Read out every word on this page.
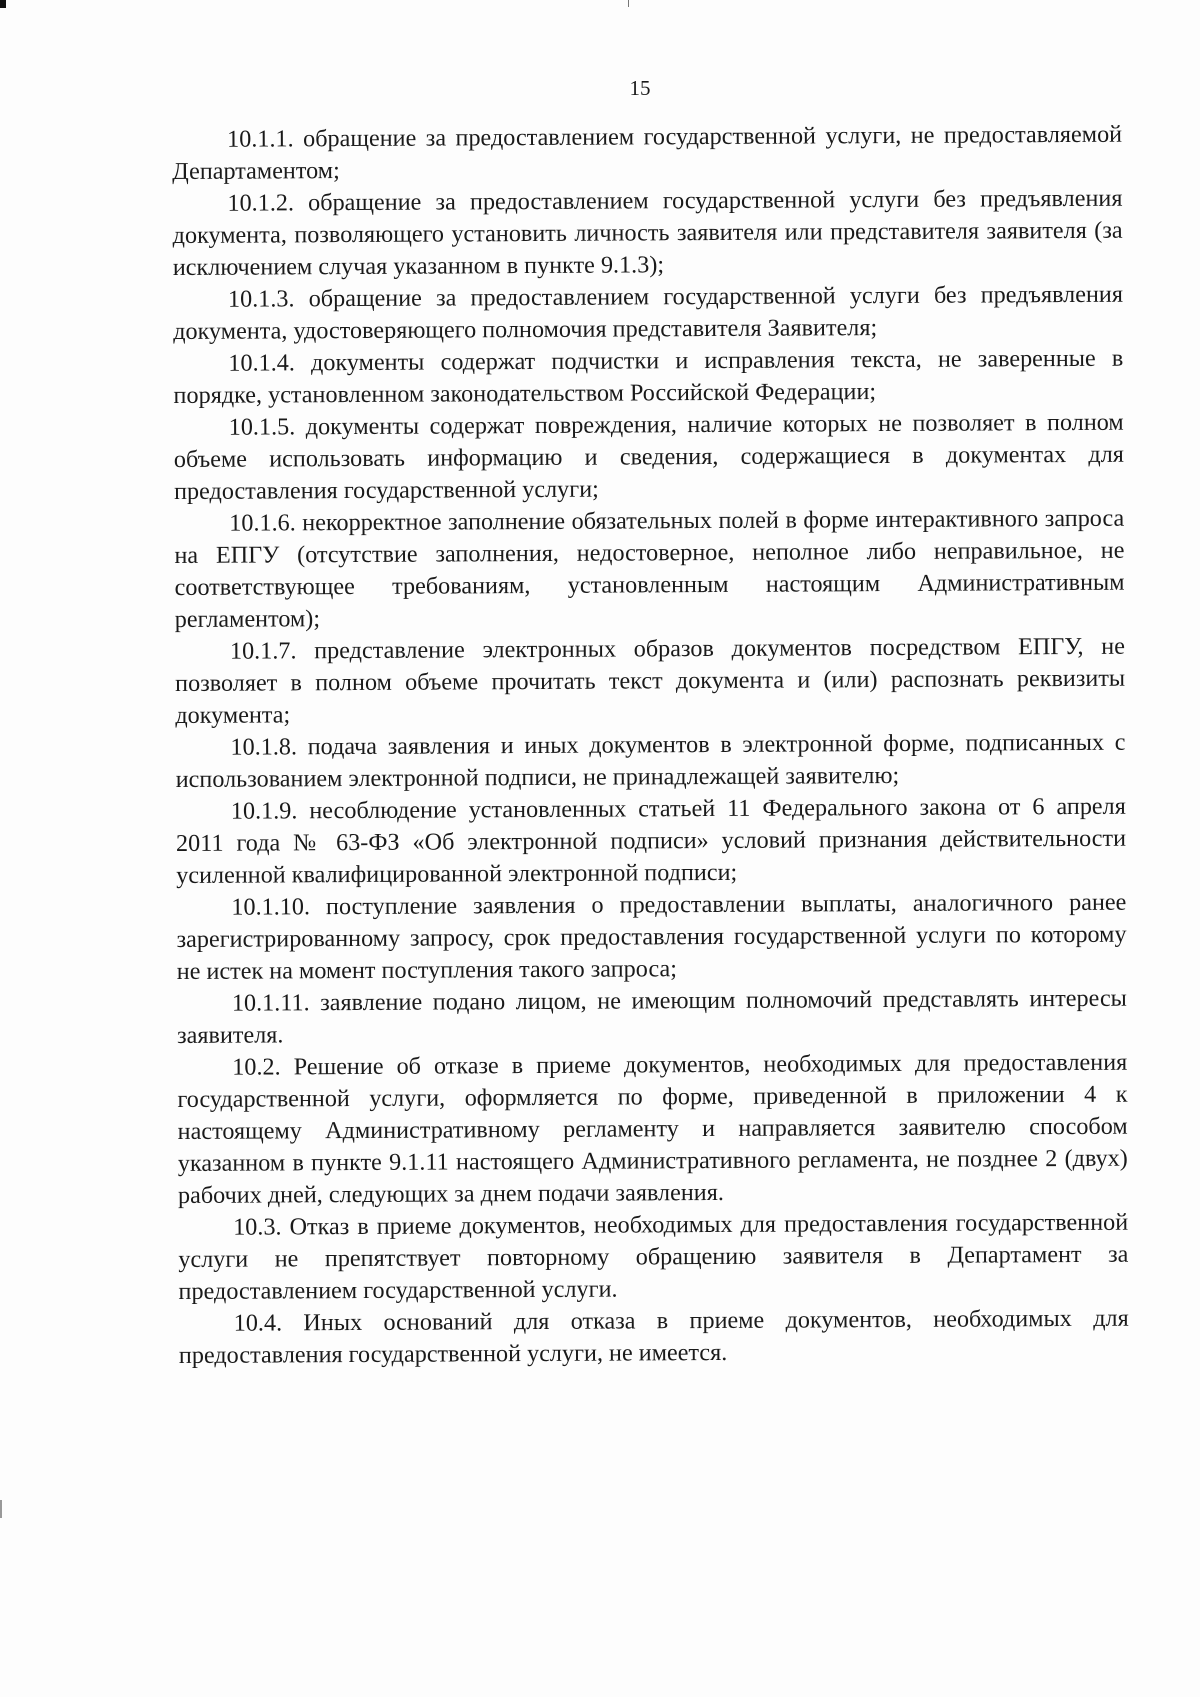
15

10.1.1. обращение за предоставлением государственной услуги, не предоставляемой Департаментом;

10.1.2. обращение за предоставлением государственной услуги без предъявления документа, позволяющего установить личность заявителя или представителя заявителя (за исключением случая указанном в пункте 9.1.3);

10.1.3. обращение за предоставлением государственной услуги без предъявления документа, удостоверяющего полномочия представителя Заявителя;

10.1.4. документы содержат подчистки и исправления текста, не заверенные в порядке, установленном законодательством Российской Федерации;

10.1.5. документы содержат повреждения, наличие которых не позволяет в полном объеме использовать информацию и сведения, содержащиеся в документах для предоставления государственной услуги;

10.1.6. некорректное заполнение обязательных полей в форме интерактивного запроса на ЕПГУ (отсутствие заполнения, недостоверное, неполное либо неправильное, не соответствующее требованиям, установленным настоящим Административным регламентом);

10.1.7. представление электронных образов документов посредством ЕПГУ, не позволяет в полном объеме прочитать текст документа и (или) распознать реквизиты документа;

10.1.8. подача заявления и иных документов в электронной форме, подписанных с использованием электронной подписи, не принадлежащей заявителю;

10.1.9. несоблюдение установленных статьей 11 Федерального закона от 6 апреля 2011 года № 63-ФЗ «Об электронной подписи» условий признания действительности усиленной квалифицированной электронной подписи;

10.1.10. поступление заявления о предоставлении выплаты, аналогичного ранее зарегистрированному запросу, срок предоставления государственной услуги по которому не истек на момент поступления такого запроса;

10.1.11. заявление подано лицом, не имеющим полномочий представлять интересы заявителя.

10.2. Решение об отказе в приеме документов, необходимых для предоставления государственной услуги, оформляется по форме, приведенной в приложении 4 к настоящему Административному регламенту и направляется заявителю способом указанном в пункте 9.1.11 настоящего Административного регламента, не позднее 2 (двух) рабочих дней, следующих за днем подачи заявления.

10.3. Отказ в приеме документов, необходимых для предоставления государственной услуги не препятствует повторному обращению заявителя в Департамент за предоставлением государственной услуги.

10.4. Иных оснований для отказа в приеме документов, необходимых для предоставления государственной услуги, не имеется.
